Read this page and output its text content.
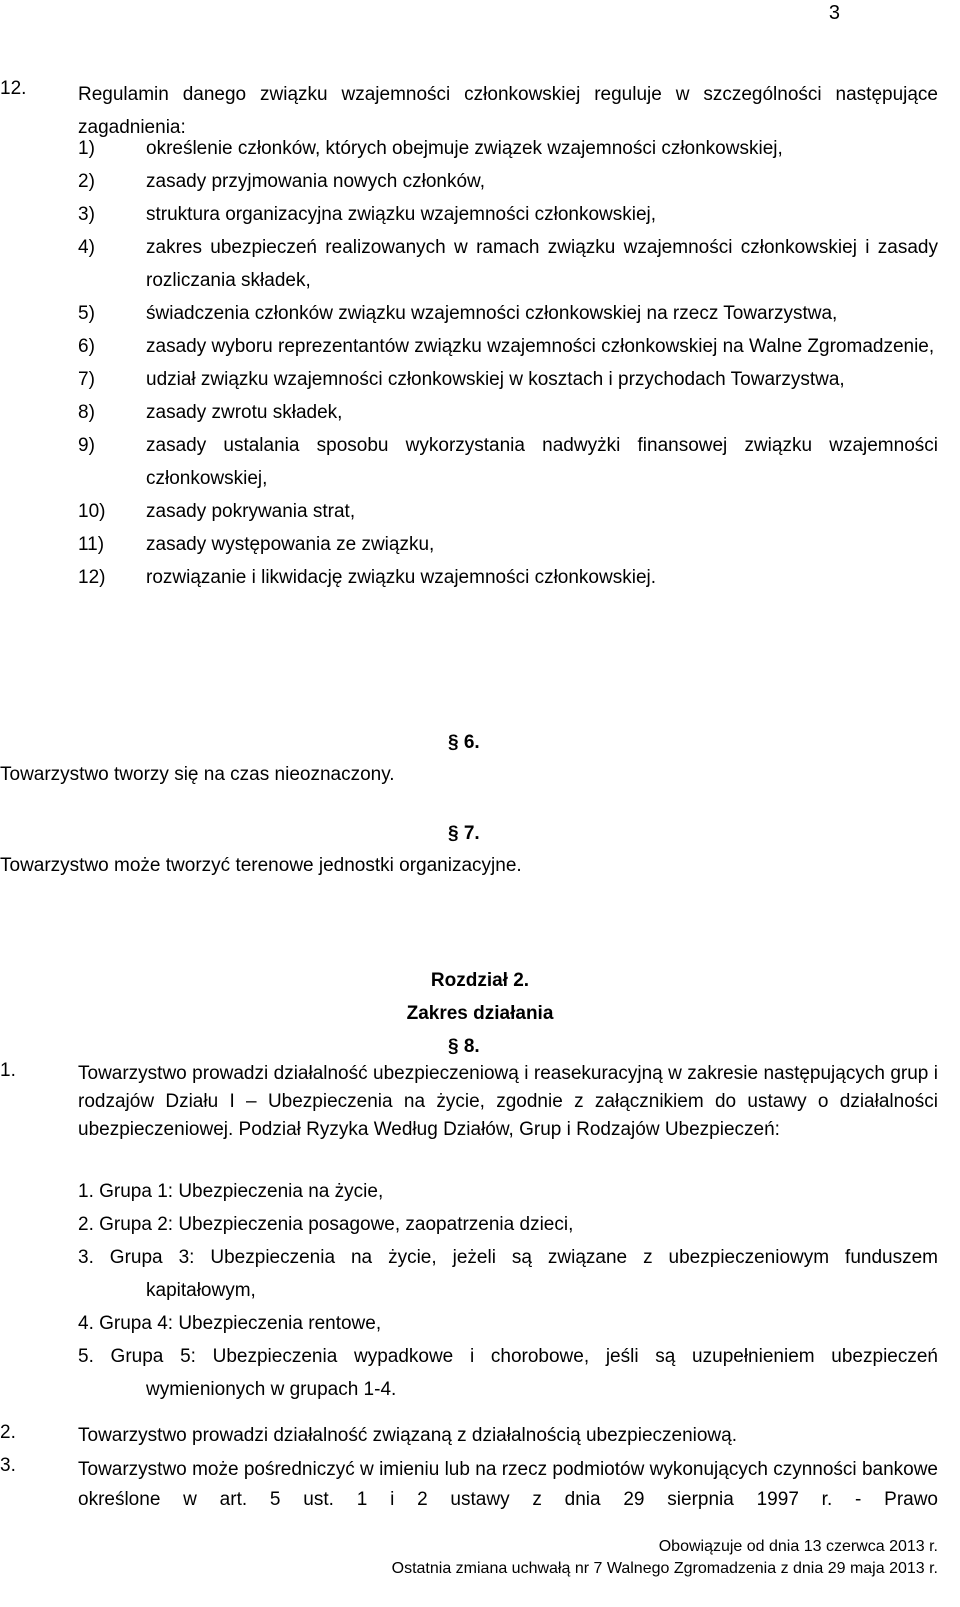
3
12.	Regulamin danego związku wzajemności członkowskiej reguluje w szczególności następujące zagadnienia:
1)	określenie członków, których obejmuje związek wzajemności członkowskiej,
2)	zasady przyjmowania nowych członków,
3)	struktura organizacyjna związku wzajemności członkowskiej,
4)	zakres ubezpieczeń realizowanych w ramach związku wzajemności członkowskiej i zasady rozliczania składek,
5)	świadczenia członków związku wzajemności członkowskiej na rzecz Towarzystwa,
6)	zasady wyboru reprezentantów związku wzajemności członkowskiej na Walne Zgromadzenie,
7)	udział związku wzajemności członkowskiej w kosztach i przychodach Towarzystwa,
8)	zasady zwrotu składek,
9)	zasady ustalania sposobu wykorzystania nadwyżki finansowej związku wzajemności członkowskiej,
10) zasady pokrywania strat,
11) zasady występowania ze związku,
12) rozwiązanie i likwidację związku wzajemności członkowskiej.
§ 6.
Towarzystwo tworzy się na czas nieoznaczony.
§ 7.
Towarzystwo może tworzyć terenowe jednostki organizacyjne.
Rozdział 2.
Zakres działania
§ 8.
1.	Towarzystwo prowadzi działalność ubezpieczeniową i reasekuracyjną w zakresie następujących grup i rodzajów Działu I – Ubezpieczenia na życie, zgodnie z załącznikiem do ustawy o działalności ubezpieczeniowej. Podział Ryzyka Według Działów, Grup i Rodzajów Ubezpieczeń:
1. Grupa 1: Ubezpieczenia na życie,
2. Grupa 2: Ubezpieczenia posagowe, zaopatrzenia dzieci,
3. Grupa 3: Ubezpieczenia na życie, jeżeli są związane z ubezpieczeniowym funduszem
kapitałowym,
4. Grupa 4: Ubezpieczenia rentowe,
5. Grupa 5: Ubezpieczenia wypadkowe i chorobowe, jeśli są uzupełnieniem ubezpieczeń
wymienionych w grupach 1-4.
2.	Towarzystwo prowadzi działalność związaną z działalnością ubezpieczeniową.
3.	Towarzystwo może pośredniczyć w imieniu lub na rzecz podmiotów wykonujących czynności bankowe określone w art. 5 ust. 1 i 2 ustawy z dnia 29 sierpnia 1997 r. - Prawo
Obowiązuje od dnia 13 czerwca 2013 r.
Ostatnia zmiana uchwałą nr 7 Walnego Zgromadzenia z dnia 29 maja 2013 r.
